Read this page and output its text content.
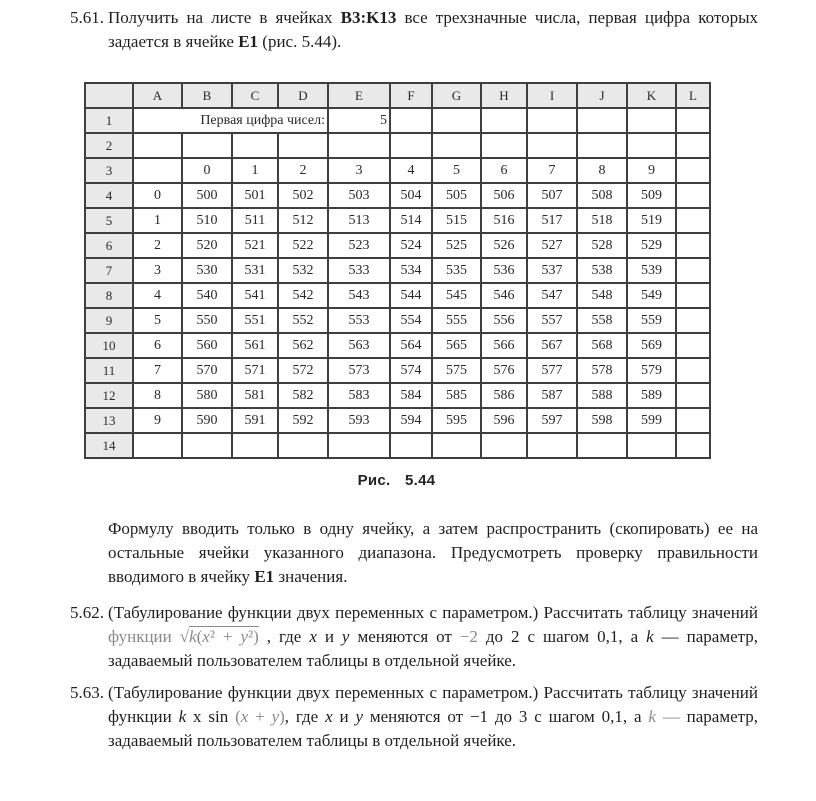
5.61. Получить на листе в ячейках B3:K13 все трехзначные числа, первая цифра которых задается в ячейке E1 (рис. 5.44).

	A	B	C	D	E	F	G	H	I	J	K	L
1	Первая цифра чисел:				5							
2												
3		0	1	2	3	4	5	6	7	8	9	
4	0	500	501	502	503	504	505	506	507	508	509	
5	1	510	511	512	513	514	515	516	517	518	519	
6	2	520	521	522	523	524	525	526	527	528	529	
7	3	530	531	532	533	534	535	536	537	538	539	
8	4	540	541	542	543	544	545	546	547	548	549	
9	5	550	551	552	553	554	555	556	557	558	559	
10	6	560	561	562	563	564	565	566	567	568	569	
11	7	570	571	572	573	574	575	576	577	578	579	
12	8	580	581	582	583	584	585	586	587	588	589	
13	9	590	591	592	593	594	595	596	597	598	599	
14												
Рис. 5.44

Формулу вводить только в одну ячейку, а затем распространить (скопировать) ее на остальные ячейки указанного диапазона. Предусмотреть проверку правильности вводимого в ячейку E1 значения.

5.62. (Табулирование функции двух переменных с параметром.) Рассчитать таблицу значений функции √k(x² + y²) , где x и y меняются от −2 до 2 с шагом 0,1, а k — параметр, задаваемый пользователем таблицы в отдельной ячейке.

5.63. (Табулирование функции двух переменных с параметром.) Рассчитать таблицу значений функции k x sin (x + y), где x и y меняются от −1 до 3 с шагом 0,1, а k — параметр, задаваемый пользователем таблицы в отдельной ячейке.
